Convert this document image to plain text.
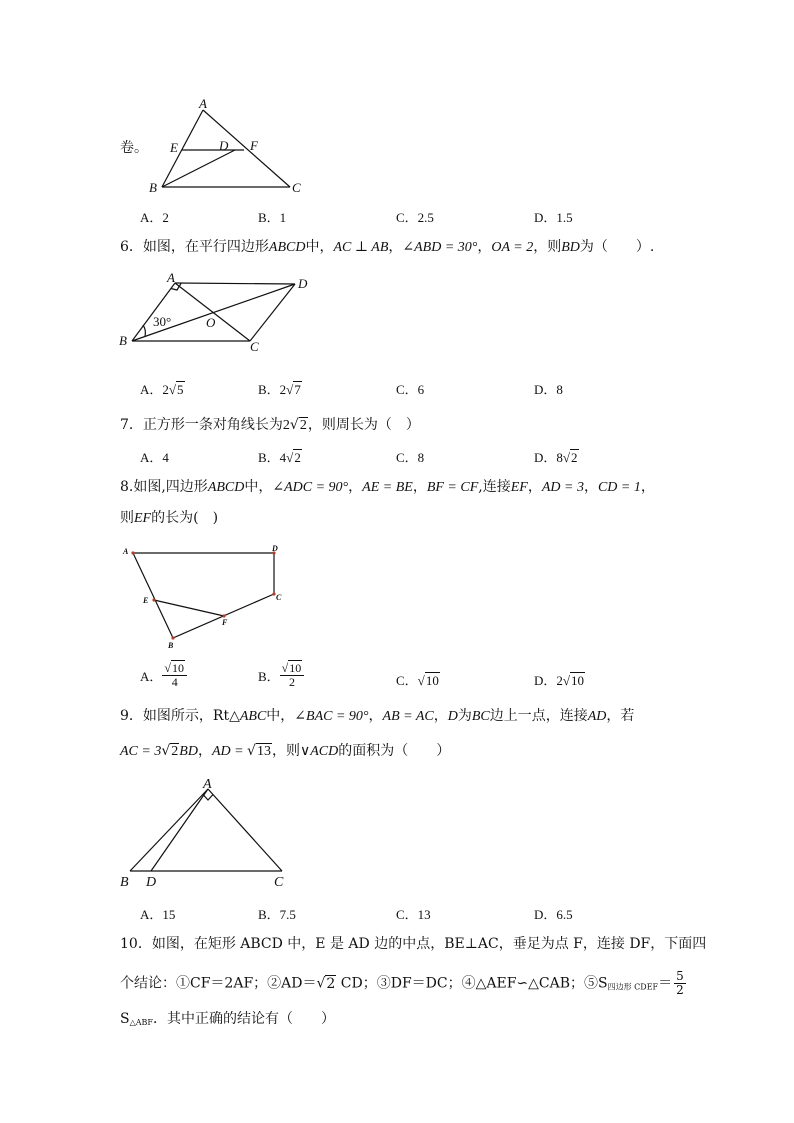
A
E	D F
B	C
卷。
A．2	B．1	C．2.5	D．1.5
6．如图，在平行四边形ABCD中，AC ⊥ AB，∠ABD = 30°，OA = 2，则BD为（　　）.
A	D
B	C
O
30°
A．2√5	B．2√7	C．6	D．8
7．正方形一条对角线长为2√2，则周长为（　）
A．4	B．4√2	C．8	D．8√2
8.如图,四边形ABCD中，∠ADC = 90°，AE = BE，BF = CF,连接EF，AD = 3，CD = 1，
则EF的长为(　)
A	D
E	C
F
B
A． $\frac{√10}{4}$	B． $\frac{√10}{2}$	C．√10	D．2√10
9．如图所示，Rt△ABC中，∠BAC = 90°，AB = AC，D为BC边上一点，连接AD，若
AC = 3√2BD，AD = √13，则∨ACD的面积为（　　）
A
B D	C
A．15	B．7.5	C．13	D．6.5
10．如图，在矩形 ABCD 中，E 是 AD 边的中点，BE⊥AC，垂足为点 F，连接 DF，下面四
个结论：①CF＝2AF；②AD＝√2 CD；③DF＝DC；④△AEF∽△CAB；$⑤S_{四边形 CDEF}= \frac{5}{2}$
$S_{\triangle ABF}$．其中正确的结论有（　　）
